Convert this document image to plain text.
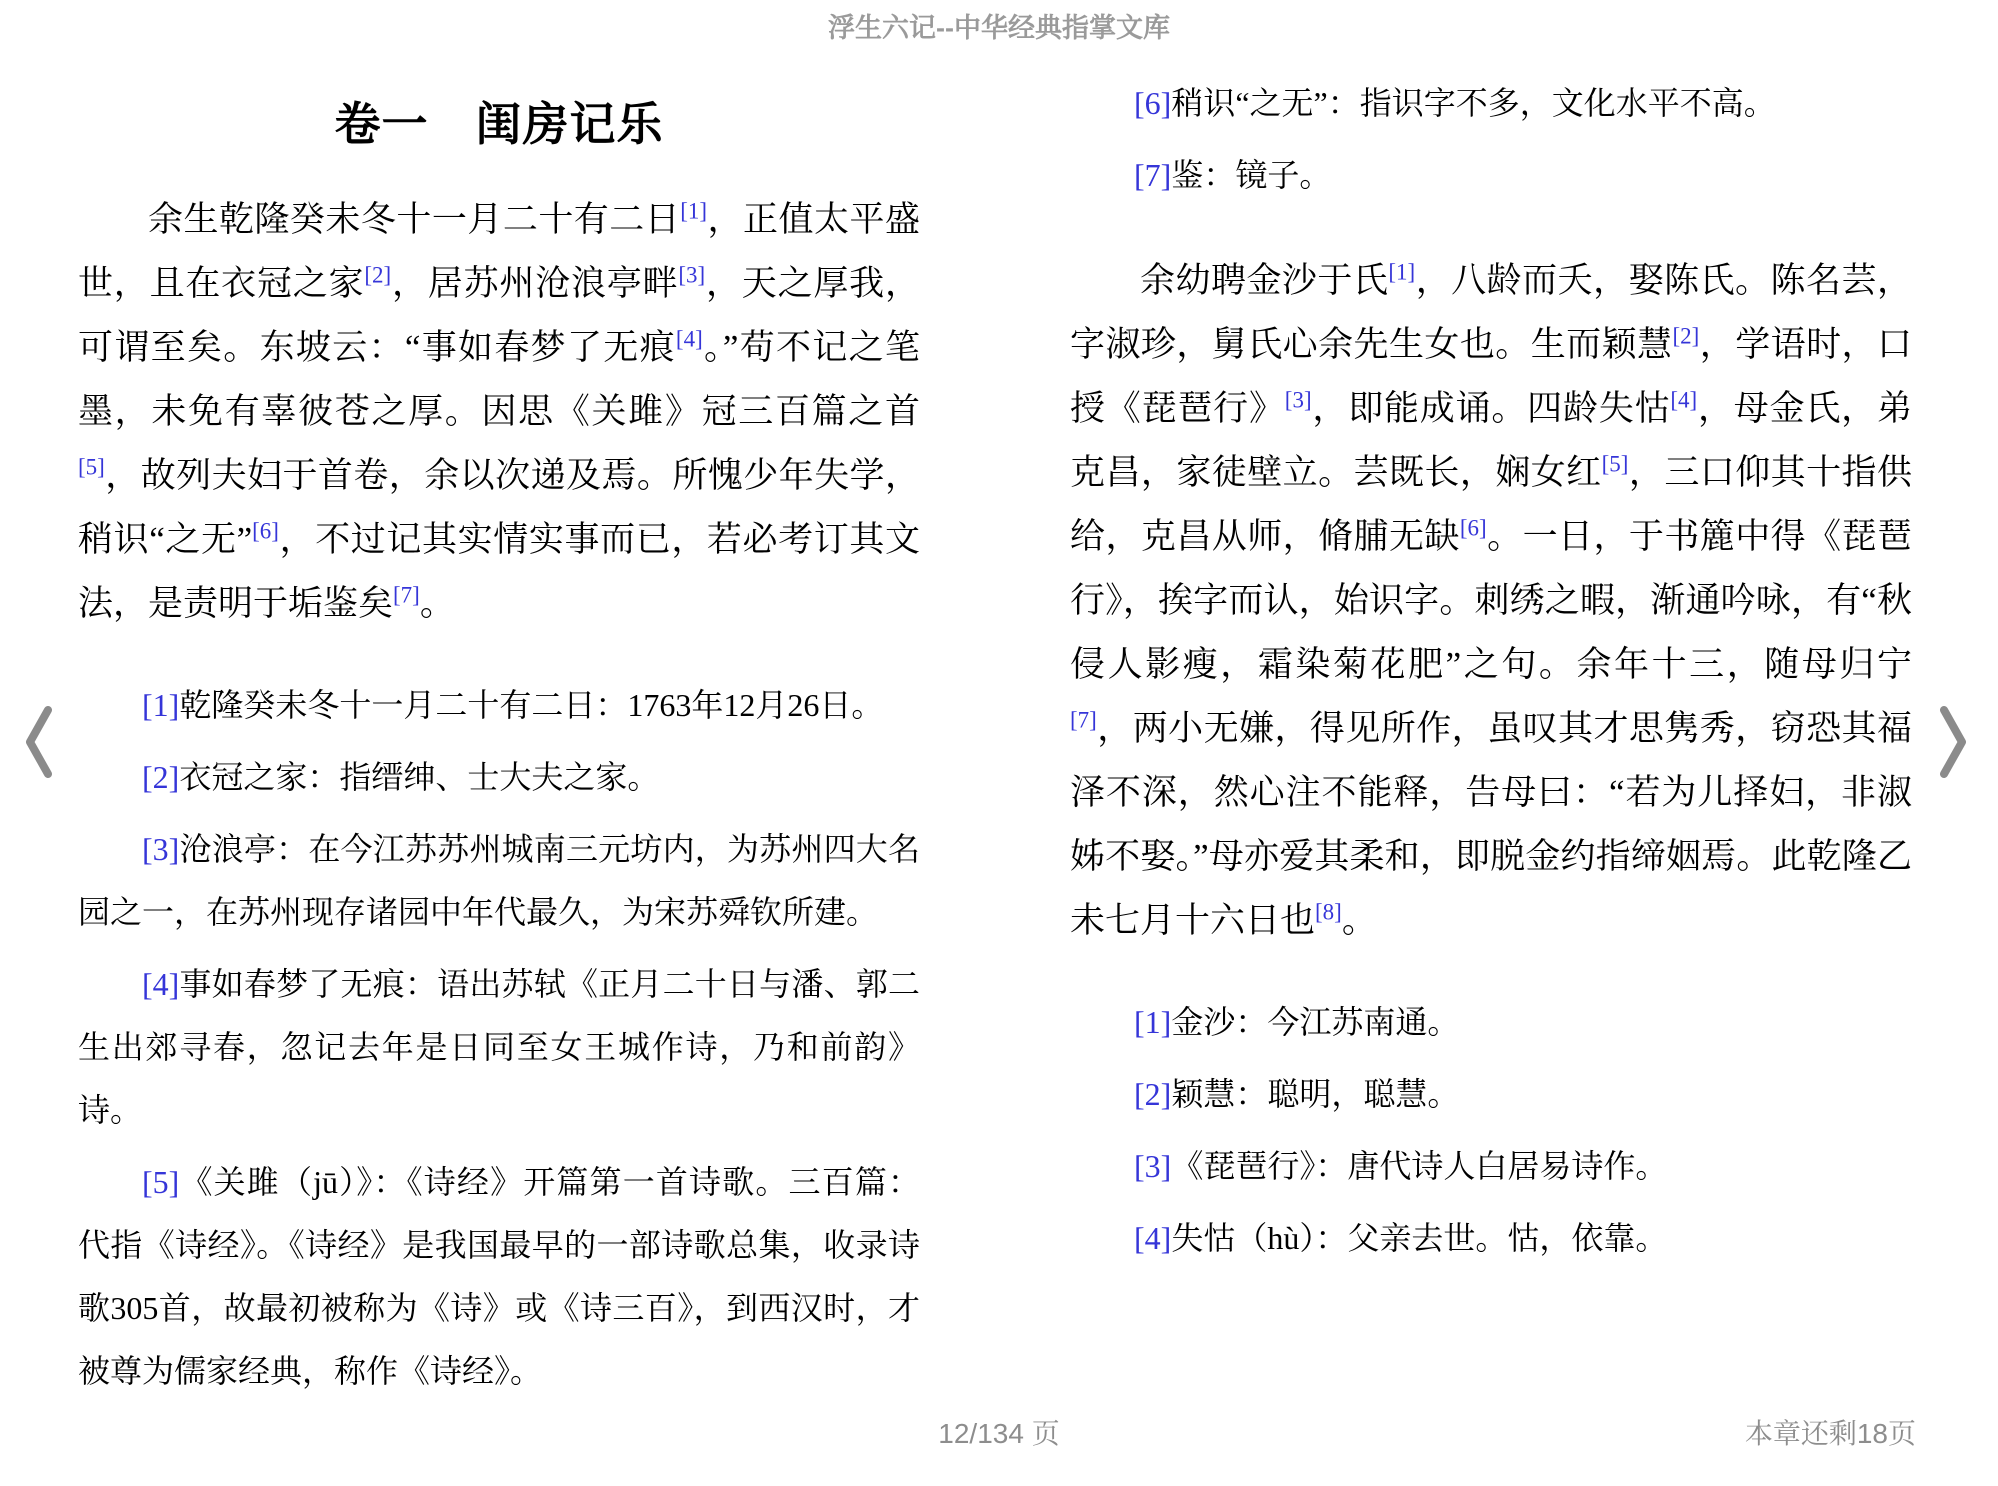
浮生六记--中华经典指掌文库
卷一　闺房记乐

余生乾隆癸未冬十一月二十有二日[1]，正值太平盛世，且在衣冠之家[2]，居苏州沧浪亭畔[3]，天之厚我，可谓至矣。东坡云：“事如春梦了无痕[4]。”苟不记之笔墨，未免有辜彼苍之厚。因思《关雎》冠三百篇之首[5]，故列夫妇于首卷，余以次递及焉。所愧少年失学，稍识“之无”[6]，不过记其实情实事而已，若必考订其文法，是责明于垢鉴矣[7]。

[1]乾隆癸未冬十一月二十有二日：1763年12月26日。

[2]衣冠之家：指缙绅、士大夫之家。

[3]沧浪亭：在今江苏苏州城南三元坊内，为苏州四大名园之一，在苏州现存诸园中年代最久，为宋苏舜钦所建。

[4]事如春梦了无痕：语出苏轼《正月二十日与潘、郭二生出郊寻春，忽记去年是日同至女王城作诗，乃和前韵》诗。

[5]《关雎（jū）》：《诗经》开篇第一首诗歌。三百篇：代指《诗经》。《诗经》是我国最早的一部诗歌总集，收录诗歌305首，故最初被称为《诗》或《诗三百》，到西汉时，才被尊为儒家经典，称作《诗经》。

[6]稍识“之无”：指识字不多，文化水平不高。

[7]鉴：镜子。

余幼聘金沙于氏[1]，八龄而夭，娶陈氏。陈名芸，字淑珍，舅氏心余先生女也。生而颖慧[2]，学语时，口授《琵琶行》[3]，即能成诵。四龄失怙[4]，母金氏，弟克昌，家徒壁立。芸既长，娴女红[5]，三口仰其十指供给，克昌从师，脩脯无缺[6]。一日，于书簏中得《琵琶行》，挨字而认，始识字。刺绣之暇，渐通吟咏，有“秋侵人影瘦，霜染菊花肥”之句。余年十三，随母归宁[7]，两小无嫌，得见所作，虽叹其才思隽秀，窃恐其福泽不深，然心注不能释，告母曰：“若为儿择妇，非淑姊不娶。”母亦爱其柔和，即脱金约指缔姻焉。此乾隆乙未七月十六日也[8]。

[1]金沙：今江苏南通。

[2]颖慧：聪明，聪慧。

[3]《琵琶行》：唐代诗人白居易诗作。

[4]失怙（hù）：父亲去世。怙，依靠。

12/134 页	本章还剩18页
